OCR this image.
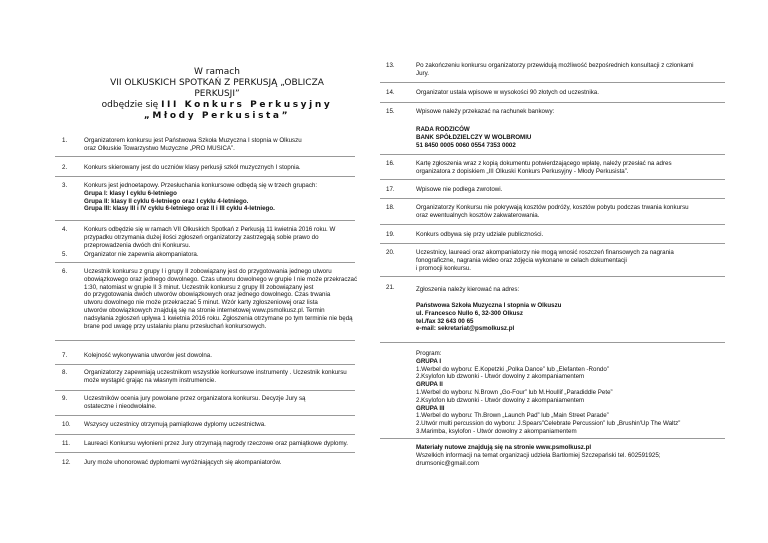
W ramach
VII OLKUSKICH SPOTKAŃ Z PERKUSJĄ „OBLICZA PERKUSJI”
odbędzie się III Konkurs Perkusyjny
„Młody Perkusista”
1.	Organizatorem konkursu jest Państwowa Szkoła Muzyczna I stopnia w Olkuszu
oraz Olkuskie Towarzystwo Muzyczne „PRO MUSICA”.
2.	Konkurs skierowany jest do uczniów klasy perkusji szkół muzycznych I stopnia.
3.	Konkurs jest jednoetapowy. Przesłuchania konkursowe odbędą się w trzech grupach:
Grupa I: klasy I cyklu 6-letniego
Grupa II: klasy II cyklu 6-letniego oraz I cyklu 4-letniego.
Grupa III: klasy III i IV cyklu 6-letniego oraz II i III cyklu 4-letniego.
4.	Konkurs odbędzie się w ramach VII Olkuskich Spotkań z Perkusją 11 kwietnia 2016 roku. W
przypadku otrzymania dużej ilości zgłoszeń organizatorzy zastrzegają sobie prawo do
przeprowadzenia dwóch dni Konkursu.
5.	Organizator nie zapewnia akompaniatora.
6.	Uczestnik konkursu z grupy I i grupy II zobowiązany jest do przygotowania jednego utworu
obowiązkowego oraz jednego dowolnego. Czas utworu dowolnego w grupie I nie może przekraczać
1:30, natomiast w grupie II 3 minut. Uczestnik konkursu z grupy III zobowiązany jest
do przygotowania dwóch utworów obowiązkowych oraz jednego dowolnego. Czas trwania
utworu dowolnego nie może przekraczać 5 minut. Wzór karty zgłoszeniowej oraz lista
utworów obowiązkowych znajdują się na stronie internetowej www.psmolkusz.pl. Termin
nadsyłania zgłoszeń upływa 1 kwietnia 2016 roku. Zgłoszenia otrzymane po tym terminie nie będą
brane pod uwagę przy ustalaniu planu przesłuchań konkursowych.
7.	Kolejność wykonywania utworów jest dowolna.
8.	Organizatorzy zapewniają uczestnikom wszystkie konkursowe instrumenty . Uczestnik konkursu
może wystąpić grając na własnym instrumencie.
9.	Uczestników ocenia jury powołane przez organizatora konkursu. Decyzje Jury są
ostateczne i nieodwołalne.
10. Wszyscy uczestnicy otrzymują pamiątkowe dyplomy uczestnictwa.
11. Laureaci Konkursu wyłonieni przez Jury otrzymają nagrody rzeczowe oraz pamiątkowe dyplomy.
12. Jury może uhonorować dyplomami wyróżniających się akompaniatorów.
13.	Po zakończeniu konkursu organizatorzy przewidują możliwość bezpośrednich konsultacji z członkami
Jury.
14.	Organizator ustala wpisowe w wysokości 90 złotych od uczestnika.
15.	Wpisowe należy przekazać na rachunek bankowy:
RADA RODZICÓW
BANK SPÓŁDZIELCZY W WOLBROMIU
51 8450 0005 0060 0554 7353 0002
16.	Kartę zgłoszenia wraz z kopią dokumentu potwierdzającego wpłatę, należy przesłać na adres
organizatora z dopiskiem „III Olkuski Konkurs Perkusyjny - Młody Perkusista”.
17.	Wpisowe nie podlega zwrotowi.
18.	Organizatorzy Konkursu nie pokrywają kosztów podróży, kosztów pobytu podczas trwania konkursu
oraz ewentualnych kosztów zakwaterowania.
19.	Konkurs odbywa się przy udziale publiczności.
20.	Uczestnicy, laureaci oraz akompaniatorzy nie mogą wnosić roszczeń finansowych za nagrania
fonograficzne, nagrania wideo oraz zdjęcia wykonane w celach dokumentacji
i promocji konkursu.
21.	Zgłoszenia należy kierować na adres:
Państwowa Szkoła Muzyczna I stopnia w Olkuszu
ul. Francesco Nullo 6, 32-300 Olkusz
tel./fax 32 643 00 65
e-mail: sekretariat@psmolkusz.pl
Program:
GRUPA I
1.Werbel do wyboru: E.Kopetzki „Polka Dance” lub „Elefanten -Rondo”
2.Ksylofon lub dzwonki - Utwór dowolny z akompaniamentem
GRUPA II
1.Werbel do wyboru: N.Brown „Go-Four” lub M.Houllif „Paradiddle Pete”
2.Ksylofon lub dzwonki - Utwór dowolny z akompaniamentem
GRUPA III
1.Werbel do wyboru: Th.Brown „Launch Pad” lub „Main Street Parade”
2.Utwór multi percussion do wyboru: J.Spears”Celebrate Percussion” lub „Brushin'Up The Waltz”
3.Marimba, ksylofon - Utwór dowolny z akompaniamentem
Materiały nutowe znajdują się na stronie www.psmolkusz.pl
Wszelkich informacji na temat organizacji udziela Bartłomiej Szczepański tel. 602591925;
drumsonic@gmail.com
